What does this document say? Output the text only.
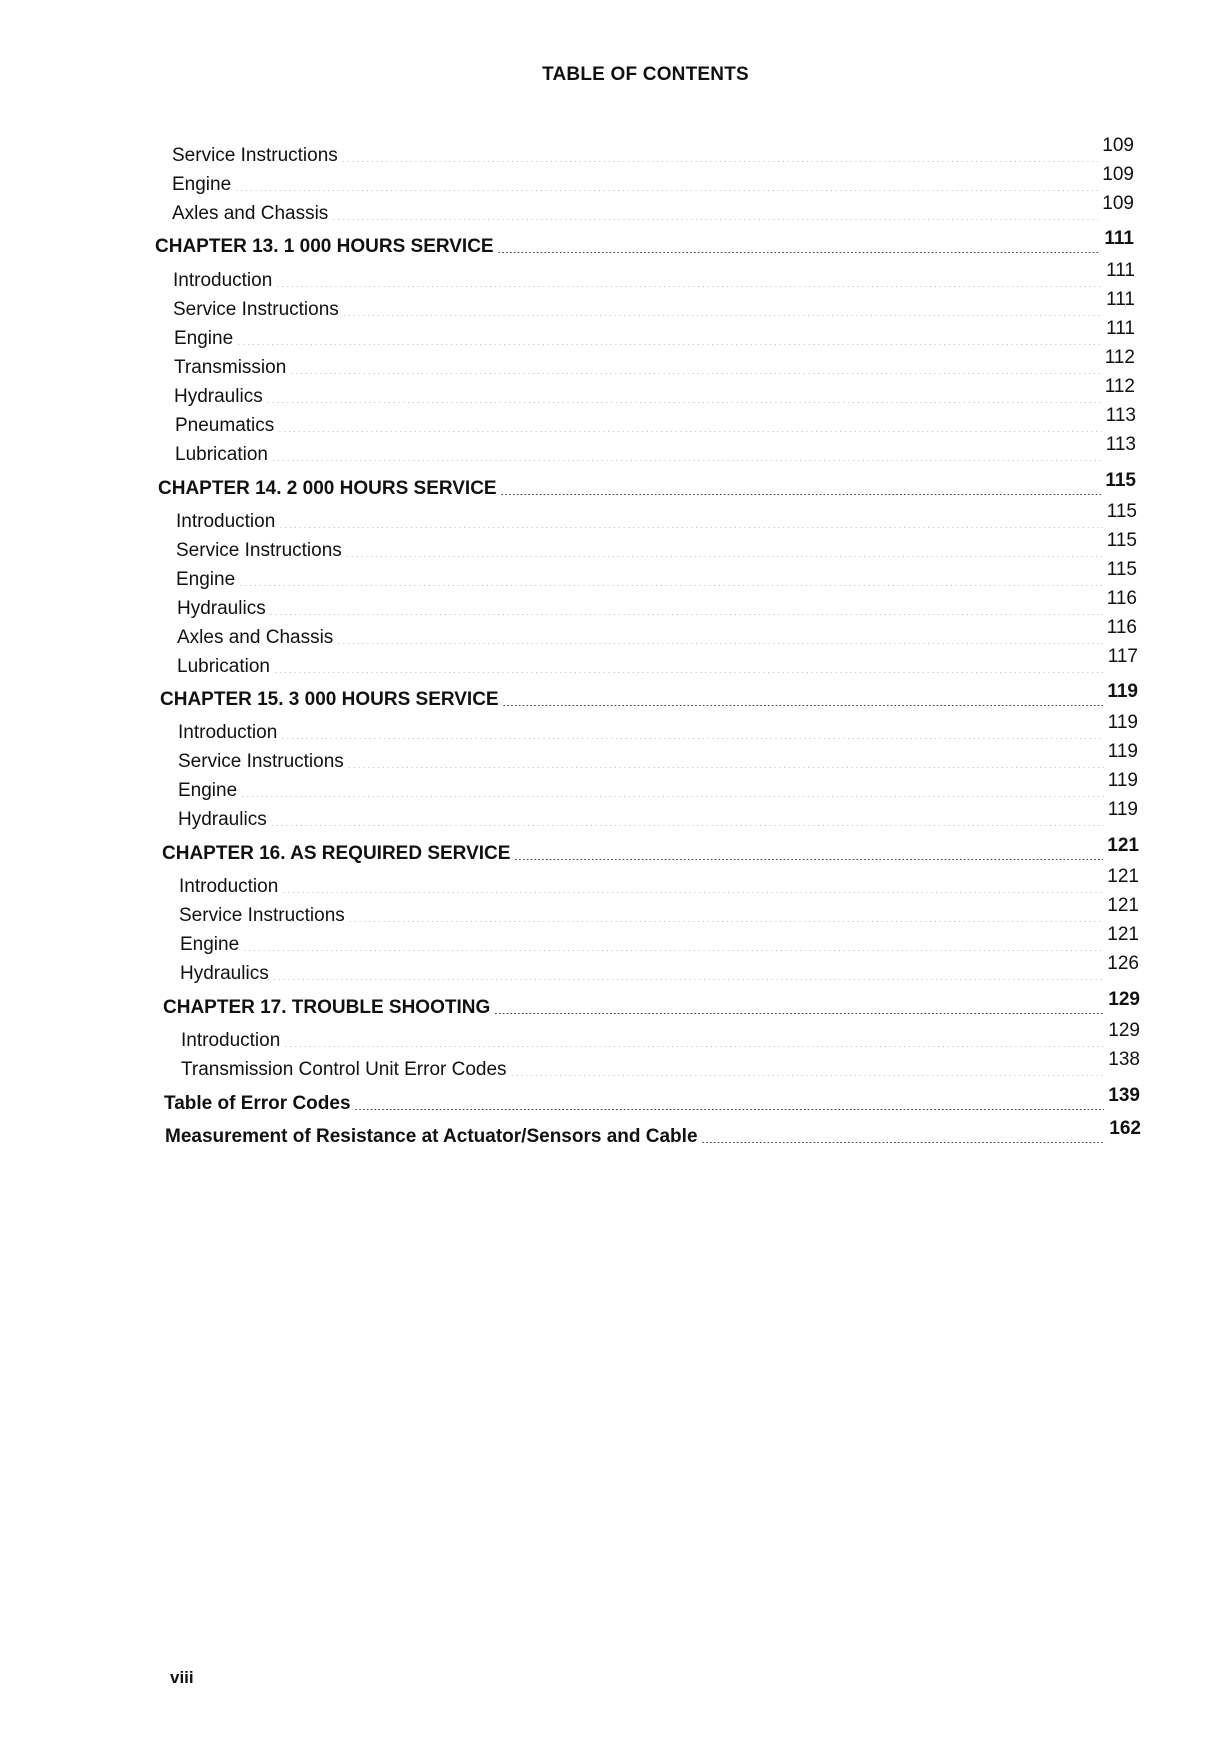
TABLE OF CONTENTS
Service Instructions .....	109
Engine .....	109
Axles and Chassis .....	109
CHAPTER 13. 1 000 HOURS SERVICE .....	111
Introduction .....	111
Service Instructions .....	111
Engine .....	111
Transmission .....	112
Hydraulics .....	112
Pneumatics .....	113
Lubrication .....	113
CHAPTER 14. 2 000 HOURS SERVICE .....	115
Introduction .....	115
Service Instructions .....	115
Engine .....	115
Hydraulics .....	116
Axles and Chassis .....	116
Lubrication .....	117
CHAPTER 15. 3 000 HOURS SERVICE .....	119
Introduction .....	119
Service Instructions .....	119
Engine .....	119
Hydraulics .....	119
CHAPTER 16. AS REQUIRED SERVICE .....	121
Introduction .....	121
Service Instructions .....	121
Engine .....	121
Hydraulics .....	126
CHAPTER 17. TROUBLE SHOOTING .....	129
Introduction .....	129
Transmission Control Unit Error Codes .....	138
Table of Error Codes .....	139
Measurement of Resistance at Actuator/Sensors and Cable .....	162
viii
